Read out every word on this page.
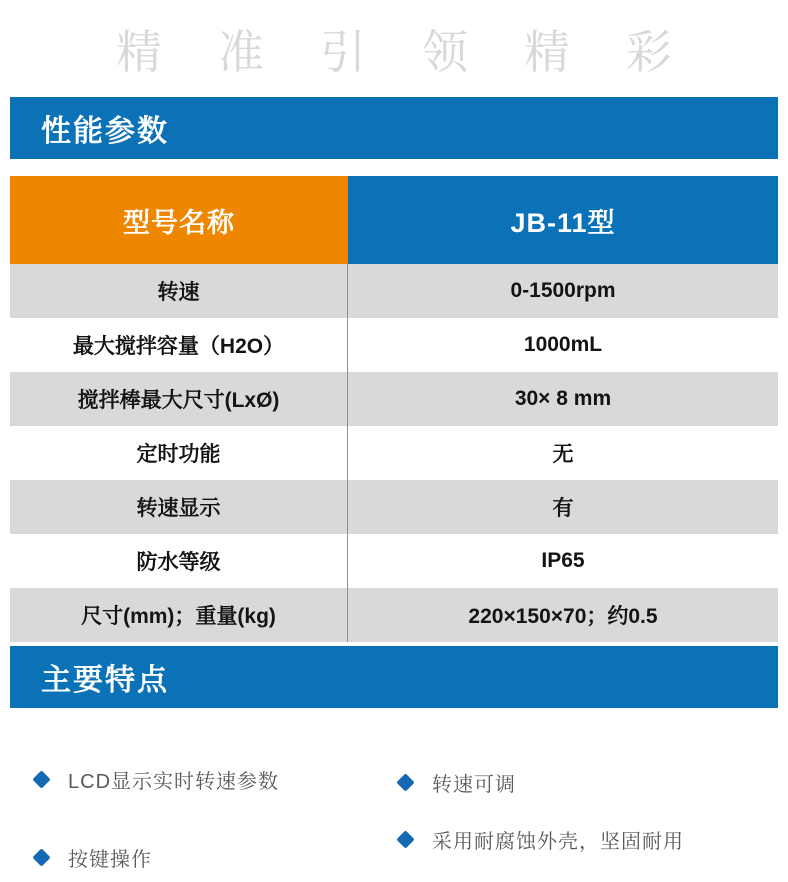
精准引领精彩
性能参数
型号名称	JB-11型
转速	0-1500rpm
最大搅拌容量（H2O）	1000mL
搅拌棒最大尺寸(LxØ)	30× 8 mm
定时功能	无
转速显示	有
防水等级	IP65
尺寸(mm)；重量(kg)	220×150×70；约0.5
主要特点
LCD显示实时转速参数
按键操作
转速可调
采用耐腐蚀外壳，坚固耐用
